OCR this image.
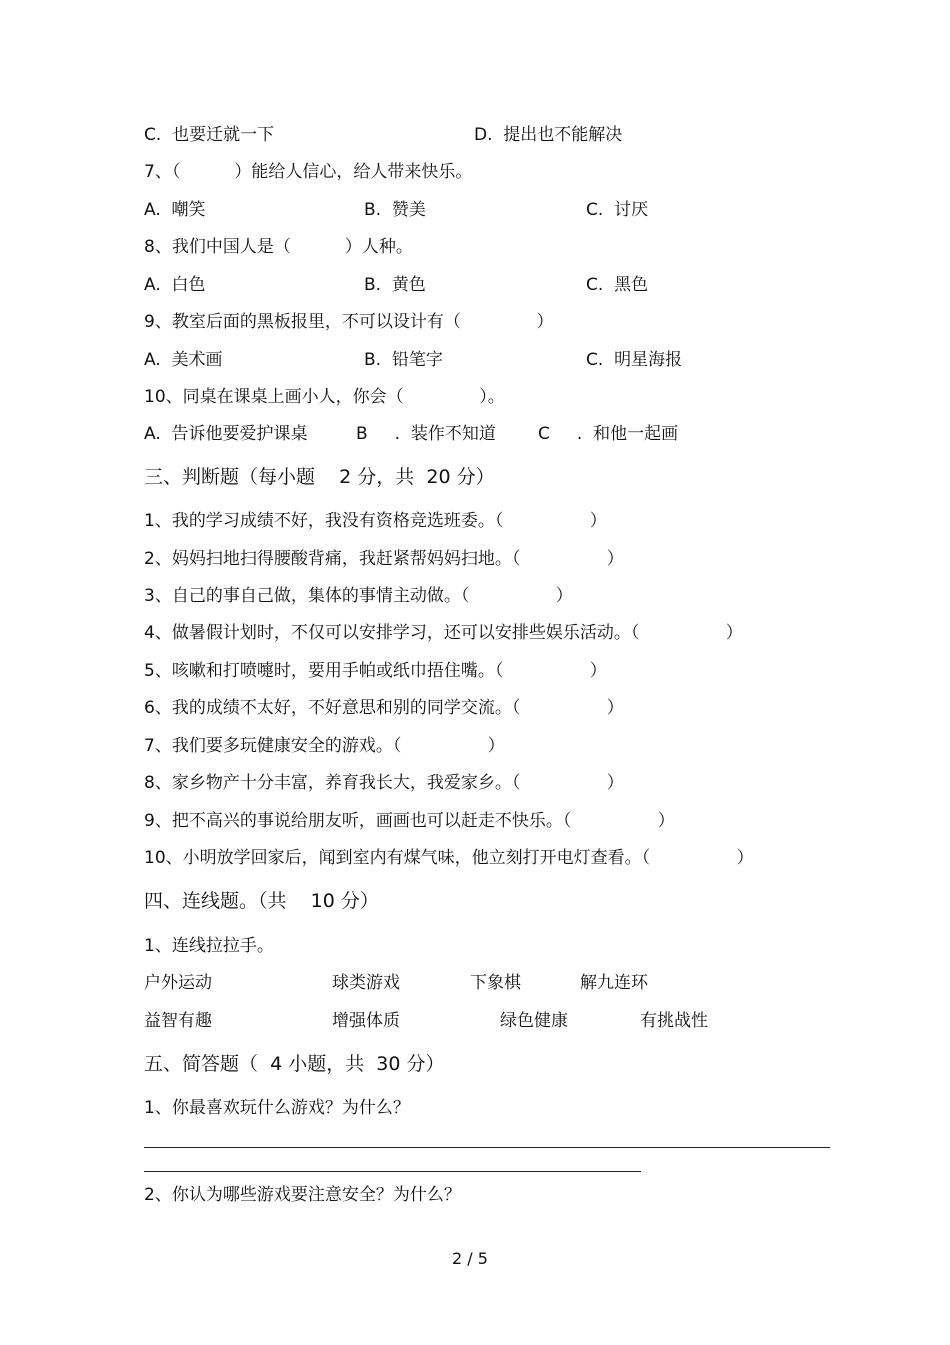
C.  也要迁就一下	D.  提出也不能解决
7、（          ）能给人信心，给人带来快乐。
A.  嘲笑	B.  赞美	C.  讨厌
8、我们中国人是（          ）人种。
A.  白色	B.  黄色	C.  黑色
9、教室后面的黑板报里，不可以设计有（              ）
A.  美术画	B.  铅笔字	C.  明星海报
10、同桌在课桌上画小人，你会（              ）。
A.  告诉他要爱护课桌	B     .  装作不知道 C     .  和他一起画
三、判断题（每小题    2 分，共  20 分）
1、我的学习成绩不好，我没有资格竞选班委。（                ）
2、妈妈扫地扫得腰酸背痛，我赶紧帮妈妈扫地。（                ）
3、自己的事自己做，集体的事情主动做。（                ）
4、做暑假计划时，不仅可以安排学习，还可以安排些娱乐活动。（                ）
5、咳嗽和打喷嚏时，要用手帕或纸巾捂住嘴。（                ）
6、我的成绩不太好，不好意思和别的同学交流。（                ）
7、我们要多玩健康安全的游戏。（                ）
8、家乡物产十分丰富，养育我长大，我爱家乡。（                ）
9、把不高兴的事说给朋友听，画画也可以赶走不快乐。（                ）
10、小明放学回家后，闻到室内有煤气味，他立刻打开电灯查看。（                ）
四、连线题。（共    10 分）
1、连线拉拉手。
户外运动	球类游戏	下象棋	解九连环
益智有趣	增强体质	绿色健康	有挑战性
五、简答题（  4 小题，共  30 分）
1、你最喜欢玩什么游戏？为什么？
2、你认为哪些游戏要注意安全？为什么？
2 / 5
